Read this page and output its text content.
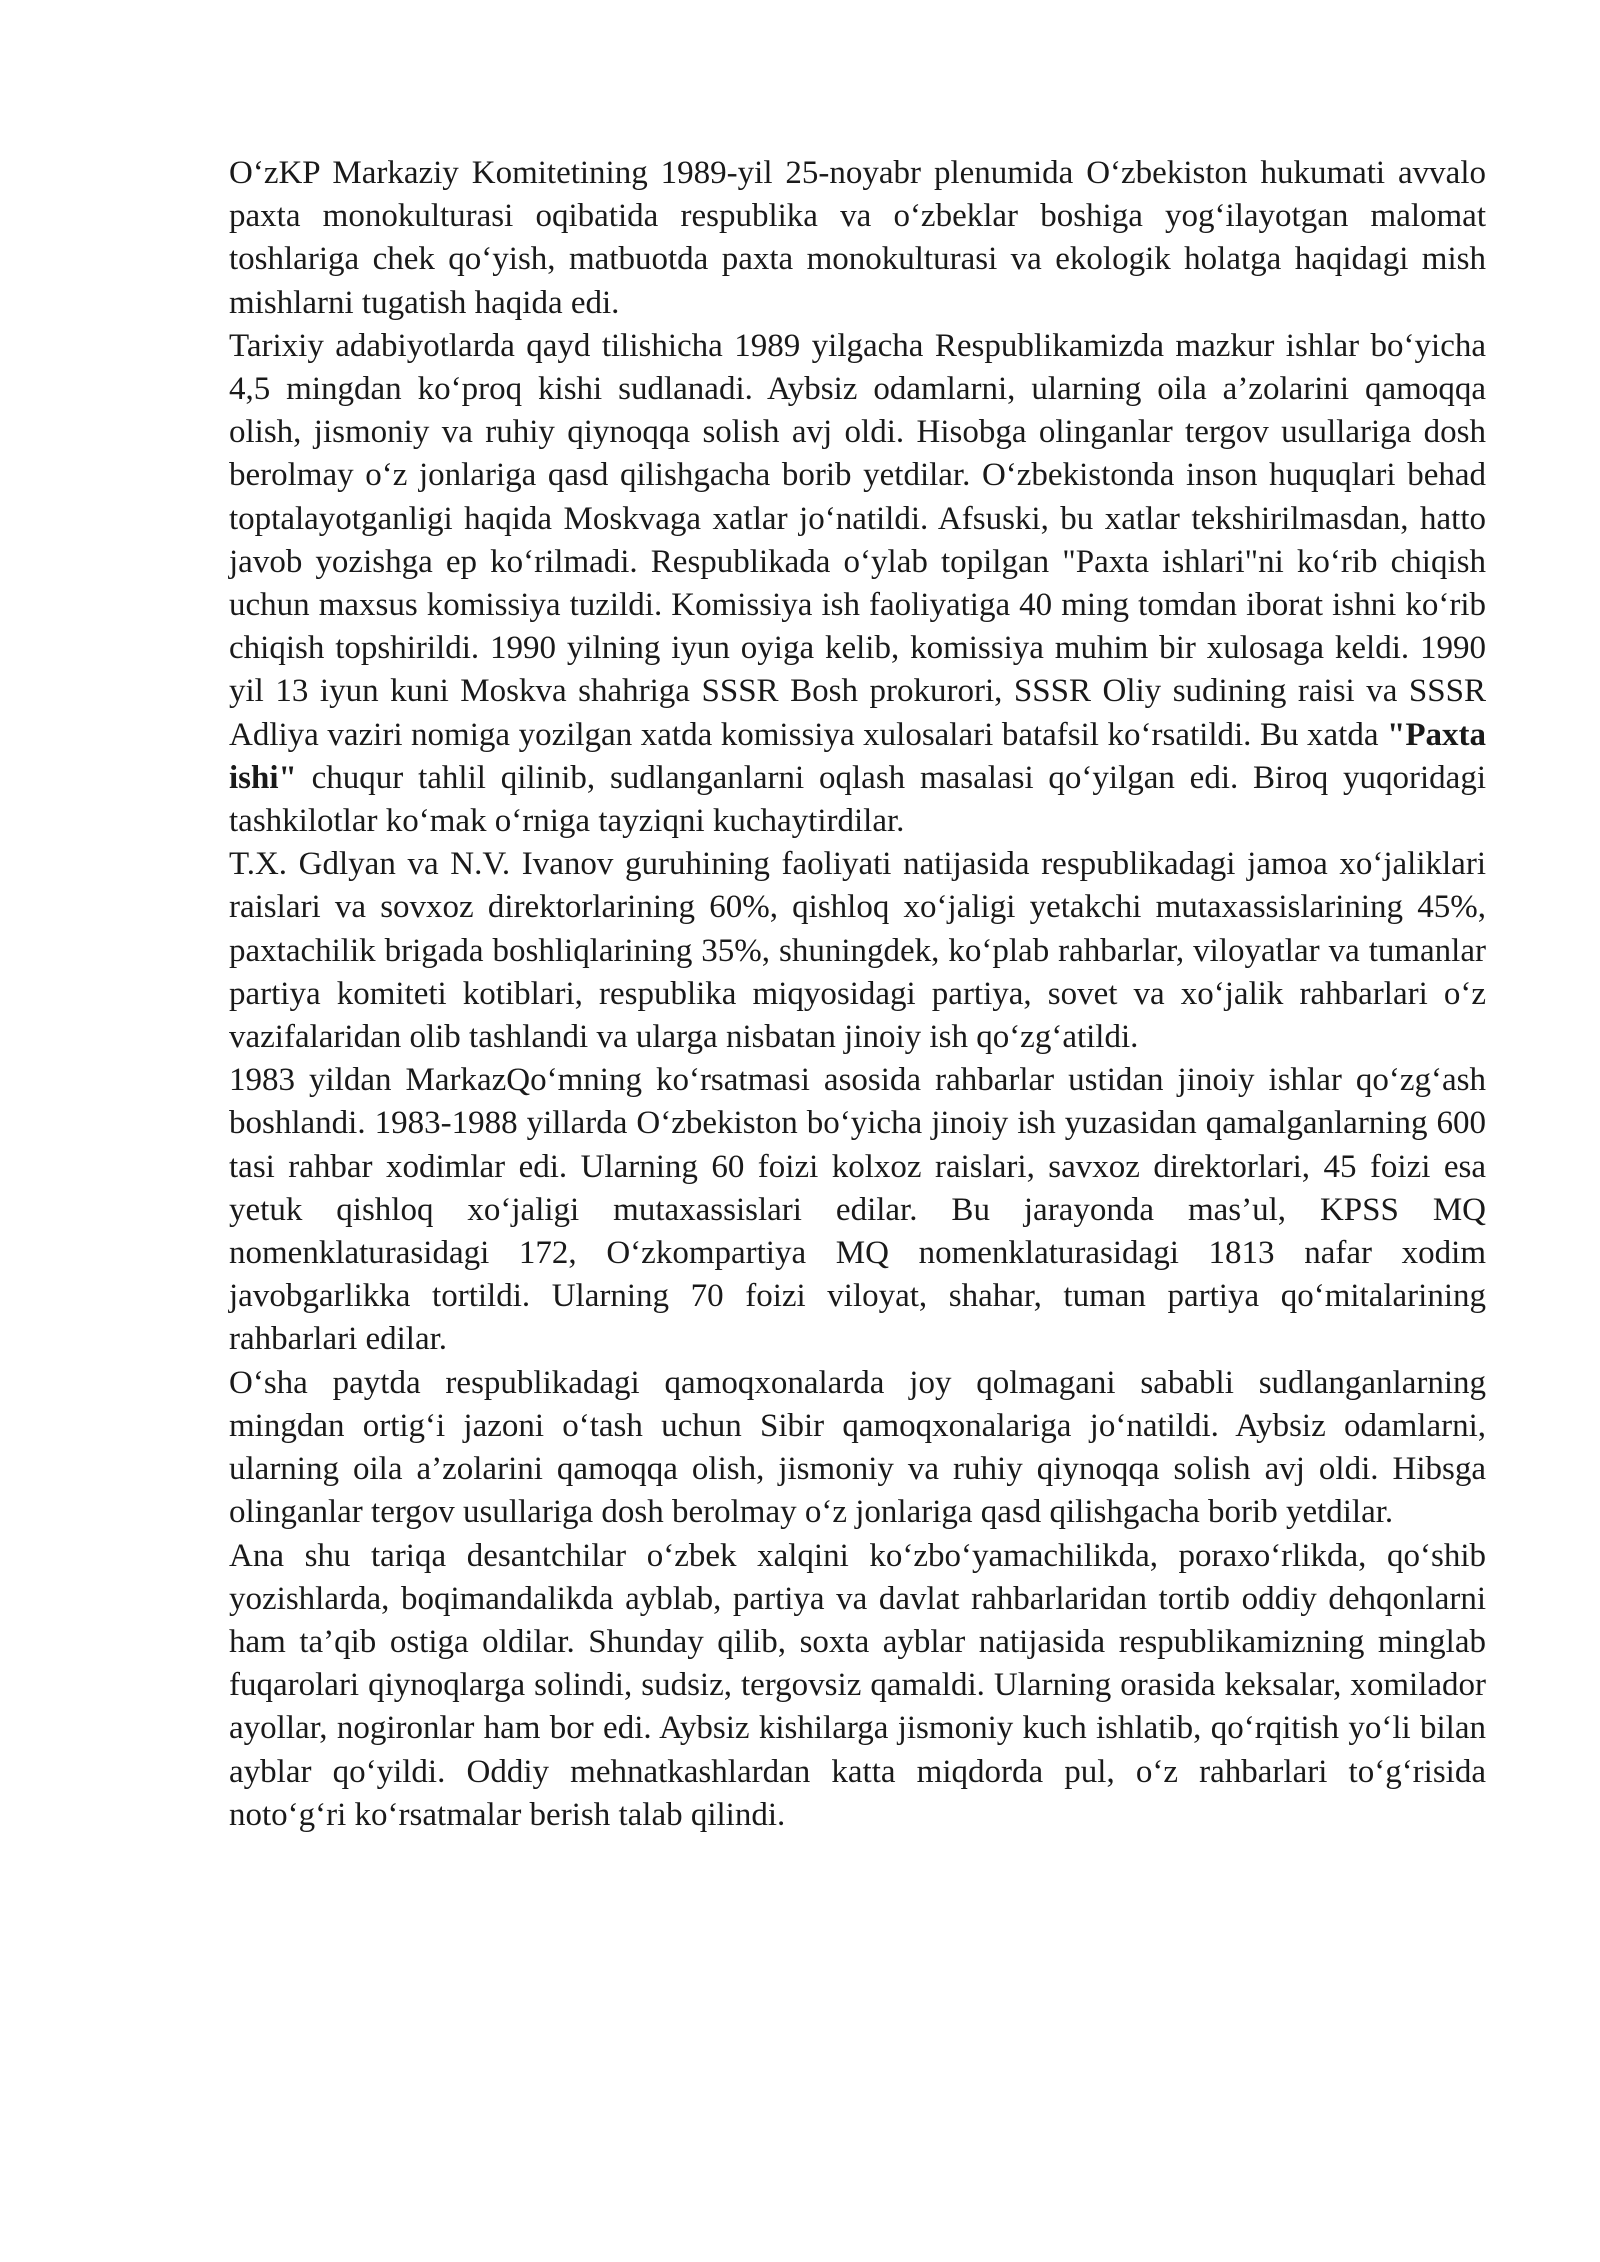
O‘zKP Markaziy Komitetining 1989-yil 25-noyabr plenumida O‘zbekiston hukumati avvalo paxta monokulturasi oqibatida respublika va o‘zbeklar boshiga yog‘ilayotgan malomat toshlariga chek qo‘yish, matbuotda paxta monokulturasi va ekologik holatga haqidagi mish mishlarni tugatish haqida edi.

Tarixiy adabiyotlarda qayd tilishicha 1989 yilgacha Respublikamizda mazkur ishlar bo‘yicha 4,5 mingdan ko‘proq kishi sudlanadi. Aybsiz odamlarni, ularning oila a’zolarini qamoqqa olish, jismoniy va ruhiy qiynoqqa solish avj oldi. Hisobga olinganlar tergov usullariga dosh berolmay o‘z jonlariga qasd qilishgacha borib yetdilar. O‘zbekistonda inson huquqlari behad toptalayotganligi haqida Moskvaga xatlar jo‘natildi. Afsuski, bu xatlar tekshirilmasdan, hatto javob yozishga ep ko‘rilmadi. Respublikada o‘ylab topilgan "Paxta ishlari"ni ko‘rib chiqish uchun maxsus komissiya tuzildi. Komissiya ish faoliyatiga 40 ming tomdan iborat ishni ko‘rib chiqish topshirildi. 1990 yilning iyun oyiga kelib, komissiya muhim bir xulosaga keldi. 1990 yil 13 iyun kuni Moskva shahriga SSSR Bosh prokurori, SSSR Oliy sudining raisi va SSSR Adliya vaziri nomiga yozilgan xatda komissiya xulosalari batafsil ko‘rsatildi. Bu xatda "Paxta ishi" chuqur tahlil qilinib, sudlanganlarni oqlash masalasi qo‘yilgan edi. Biroq yuqoridagi tashkilotlar ko‘mak o‘rniga tayziqni kuchaytirdilar.

T.X. Gdlyan va N.V. Ivanov guruhining faoliyati natijasida respublikadagi jamoa xo‘jaliklari raislari va sovxoz direktorlarining 60%, qishloq xo‘jaligi yetakchi mutaxassislarining 45%, paxtachilik brigada boshliqlarining 35%, shuningdek, ko‘plab rahbarlar, viloyatlar va tumanlar partiya komiteti kotiblari, respublika miqyosidagi partiya, sovet va xo‘jalik rahbarlari o‘z vazifalaridan olib tashlandi va ularga nisbatan jinoiy ish qo‘zg‘atildi.

1983 yildan MarkazQo‘mning ko‘rsatmasi asosida rahbarlar ustidan jinoiy ishlar qo‘zg‘ash boshlandi. 1983-1988 yillarda O‘zbekiston bo‘yicha jinoiy ish yuzasidan qamalganlarning 600 tasi rahbar xodimlar edi. Ularning 60 foizi kolxoz raislari, savxoz direktorlari, 45 foizi esa yetuk qishloq xo‘jaligi mutaxassislari edilar. Bu jarayonda mas’ul, KPSS MQ nomenklaturasidagi 172, O‘zkompartiya MQ nomenklaturasidagi 1813 nafar xodim javobgarlikka tortildi. Ularning 70 foizi viloyat, shahar, tuman partiya qo‘mitalarining rahbarlari edilar.

O‘sha paytda respublikadagi qamoqxonalarda joy qolmagani sababli sudlanganlarning mingdan ortig‘i jazoni o‘tash uchun Sibir qamoqxonalariga jo‘natildi. Aybsiz odamlarni, ularning oila a’zolarini qamoqqa olish, jismoniy va ruhiy qiynoqqa solish avj oldi. Hibsga olinganlar tergov usullariga dosh berolmay o‘z jonlariga qasd qilishgacha borib yetdilar.

Ana shu tariqa desantchilar o‘zbek xalqini ko‘zbo‘yamachilikda, poraxo‘rlikda, qo‘shib yozishlarda, boqimandalikda ayblab, partiya va davlat rahbarlaridan tortib oddiy dehqonlarni ham ta’qib ostiga oldilar. Shunday qilib, soxta ayblar natijasida respublikamizning minglab fuqarolari qiynoqlarga solindi, sudsiz, tergovsiz qamaldi. Ularning orasida keksalar, xomilador ayollar, nogironlar ham bor edi. Aybsiz kishilarga jismoniy kuch ishlatib, qo‘rqitish yo‘li bilan ayblar qo‘yildi. Oddiy mehnatkashlardan katta miqdorda pul, o‘z rahbarlari to‘g‘risida noto‘g‘ri ko‘rsatmalar berish talab qilindi.
